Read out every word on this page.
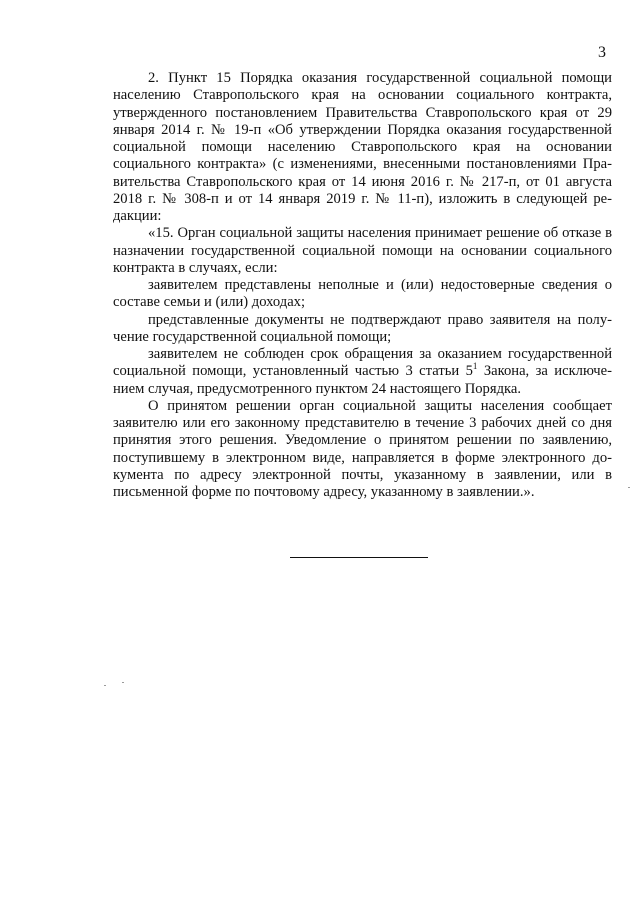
3

2. Пункт 15 Порядка оказания государственной социальной помощи населению Ставропольского края на основании социального контракта, утвержденного постановлением Правительства Ставропольского края от 29 января 2014 г. № 19-п «Об утверждении Порядка оказания государственной социальной помощи населению Ставропольского края на основании социального контракта» (с изменениями, внесенными постановлениями Правительства Ставропольского края от 14 июня 2016 г. № 217-п, от 01 августа 2018 г. № 308-п и от 14 января 2019 г. № 11-п), изложить в следующей редакции:

«15. Орган социальной защиты населения принимает решение об отказе в назначении государственной социальной помощи на основании социального контракта в случаях, если:

заявителем представлены неполные и (или) недостоверные сведения о составе семьи и (или) доходах;

представленные документы не подтверждают право заявителя на получение государственной социальной помощи;

заявителем не соблюден срок обращения за оказанием государственной социальной помощи, установленный частью 3 статьи $5^1$ Закона, за исключением случая, предусмотренного пунктом 24 настоящего Порядка.

О принятом решении орган социальной защиты населения сообщает заявителю или его законному представителю в течение 3 рабочих дней со дня принятия этого решения. Уведомление о принятом решении по заявлению, поступившему в электронном виде, направляется в форме электронного документа по адресу электронной почты, указанному в заявлении, или в письменной форме по почтовому адресу, указанному в заявлении.».
